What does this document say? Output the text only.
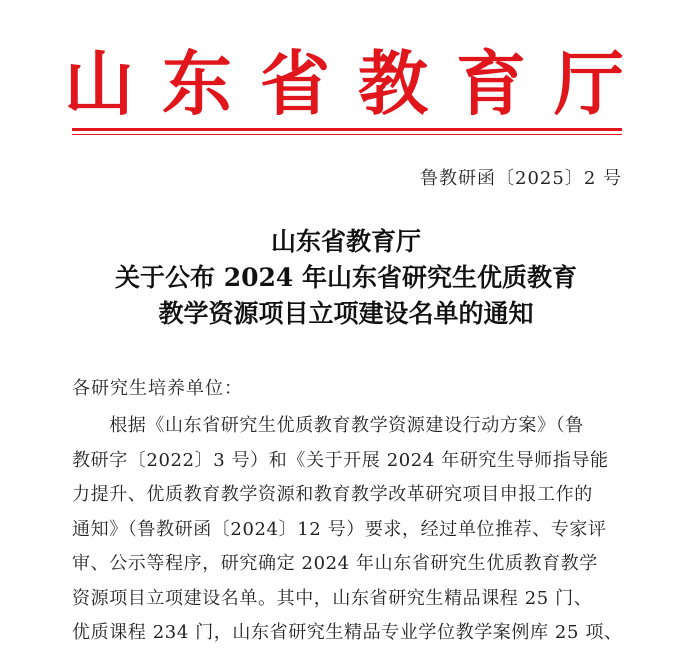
山 东 省 教 育 厅
鲁教研函〔2025〕2 号
山东省教育厅
关于公布 2024 年山东省研究生优质教育
教学资源项目立项建设名单的通知
各研究生培养单位：
　　根据《山东省研究生优质教育教学资源建设行动方案》（鲁
教研字〔2022〕3 号）和《关于开展 2024 年研究生导师指导能
力提升、优质教育教学资源和教育教学改革研究项目申报工作的
通知》（鲁教研函〔2024〕12 号）要求，经过单位推荐、专家评
审、公示等程序，研究确定 2024 年山东省研究生优质教育教学
资源项目立项建设名单。其中，山东省研究生精品课程 25 门、
优质课程 234 门，山东省研究生精品专业学位教学案例库 25 项、
